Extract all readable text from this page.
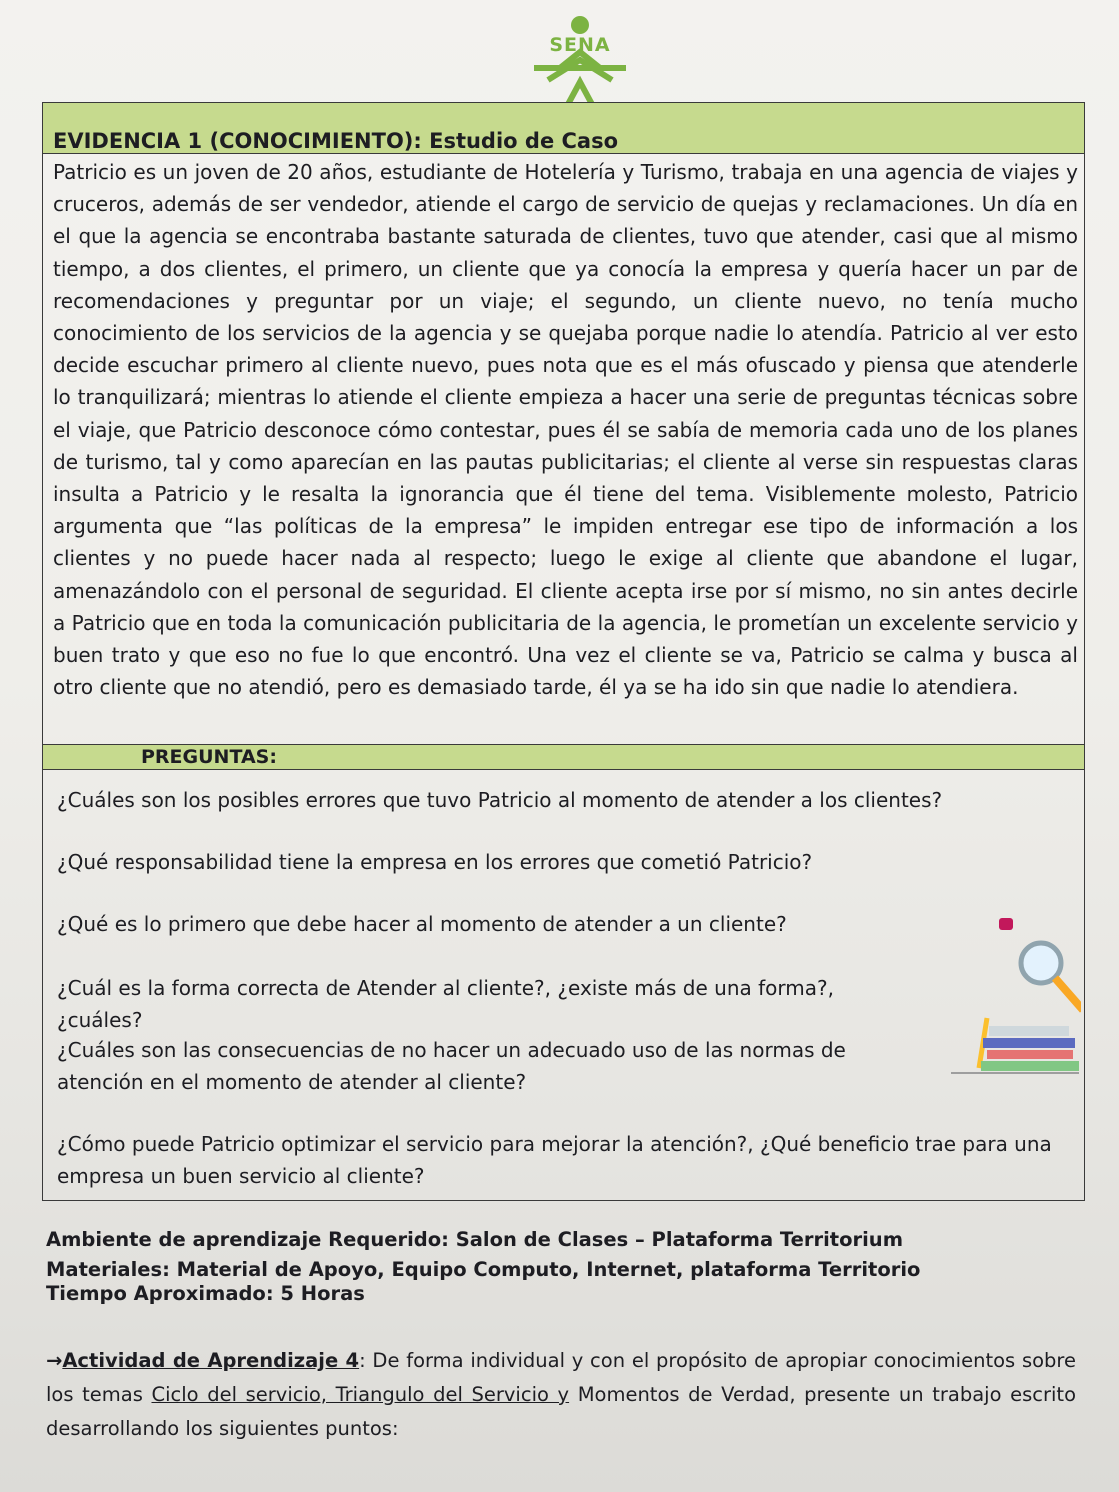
SENA
EVIDENCIA 1 (CONOCIMIENTO): Estudio de Caso

Patricio es un joven de 20 años, estudiante de Hotelería y Turismo, trabaja en una agencia de viajes y cruceros, además de ser vendedor, atiende el cargo de servicio de quejas y reclamaciones. Un día en el que la agencia se encontraba bastante saturada de clientes, tuvo que atender, casi que al mismo tiempo, a dos clientes, el primero, un cliente que ya conocía la empresa y quería hacer un par de recomendaciones y preguntar por un viaje; el segundo, un cliente nuevo, no tenía mucho conocimiento de los servicios de la agencia y se quejaba porque nadie lo atendía. Patricio al ver esto decide escuchar primero al cliente nuevo, pues nota que es el más ofuscado y piensa que atenderle lo tranquilizará; mientras lo atiende el cliente empieza a hacer una serie de preguntas técnicas sobre el viaje, que Patricio desconoce cómo contestar, pues él se sabía de memoria cada uno de los planes de turismo, tal y como aparecían en las pautas publicitarias; el cliente al verse sin respuestas claras insulta a Patricio y le resalta la ignorancia que él tiene del tema. Visiblemente molesto, Patricio argumenta que “las políticas de la empresa” le impiden entregar ese tipo de información a los clientes y no puede hacer nada al respecto; luego le exige al cliente que abandone el lugar, amenazándolo con el personal de seguridad. El cliente acepta irse por sí mismo, no sin antes decirle a Patricio que en toda la comunicación publicitaria de la agencia, le prometían un excelente servicio y buen trato y que eso no fue lo que encontró. Una vez el cliente se va, Patricio se calma y busca al otro cliente que no atendió, pero es demasiado tarde, él ya se ha ido sin que nadie lo atendiera.

PREGUNTAS:

¿Cuáles son los posibles errores que tuvo Patricio al momento de atender a los clientes?

¿Qué responsabilidad tiene la empresa en los errores que cometió Patricio?

¿Qué es lo primero que debe hacer al momento de atender a un cliente?

¿Cuál es la forma correcta de Atender al cliente?, ¿existe más de una forma?, ¿cuáles?

¿Cuáles son las consecuencias de no hacer un adecuado uso de las normas de atención en el momento de atender al cliente?

¿Cómo puede Patricio optimizar el servicio para mejorar la atención?, ¿Qué beneficio trae para una empresa un buen servicio al cliente?

Ambiente de aprendizaje Requerido: Salon de Clases – Plataforma Territorium
Materiales: Material de Apoyo, Equipo Computo, Internet, plataforma Territorio
Tiempo Aproximado: 5 Horas
→Actividad de Aprendizaje 4: De forma individual y con el propósito de apropiar conocimientos sobre los temas Ciclo del servicio, Triangulo del Servicio y Momentos de Verdad, presente un trabajo escrito desarrollando los siguientes puntos:
